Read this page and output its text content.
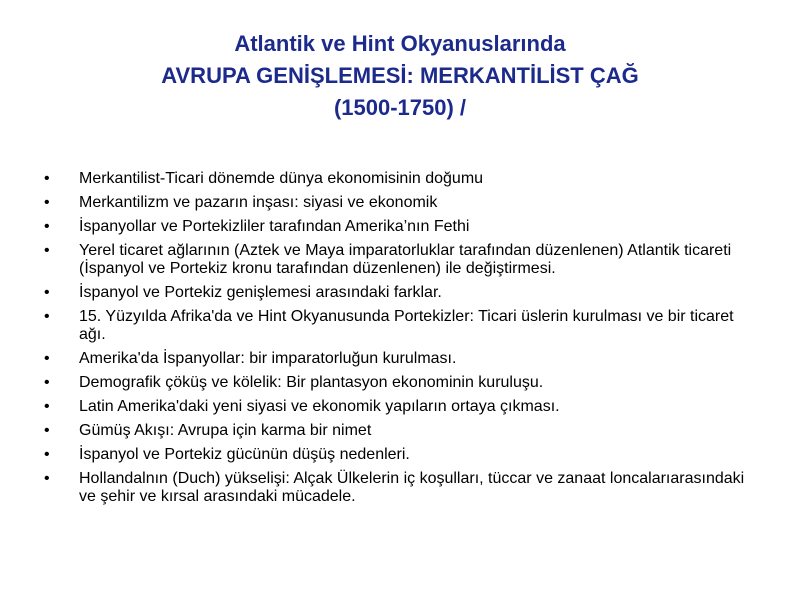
Atlantik ve Hint Okyanuslarında
AVRUPA GENİŞLEMESİ: MERKANTİLİST ÇAĞ
(1500-1750) /
• Merkantilist-Ticari dönemde dünya ekonomisinin doğumu
• Merkantilizm ve pazarın inşası: siyasi ve ekonomik
• İspanyollar ve Portekizliler tarafından Amerika’nın Fethi
• Yerel ticaret ağlarının (Aztek ve Maya imparatorluklar tarafından düzenlenen) Atlantik ticareti (İspanyol ve Portekiz kronu tarafından düzenlenen) ile değiştirmesi.
• İspanyol ve Portekiz genişlemesi arasındaki farklar.
• 15. Yüzyılda Afrika'da ve Hint Okyanusunda Portekizler: Ticari üslerin kurulması ve bir ticaret ağı.
• Amerika'da İspanyollar: bir imparatorluğun kurulması.
• Demografik çöküş ve kölelik: Bir plantasyon ekonominin kuruluşu.
• Latin Amerika'daki yeni siyasi ve ekonomik yapıların ortaya çıkması.
• Gümüş Akışı: Avrupa için karma bir nimet
• İspanyol ve Portekiz gücünün düşüş nedenleri.
• Hollandalnın (Duch) yükselişi: Alçak Ülkelerin iç koşulları, tüccar ve zanaat loncalarıarasındaki ve şehir ve kırsal arasındaki mücadele.
